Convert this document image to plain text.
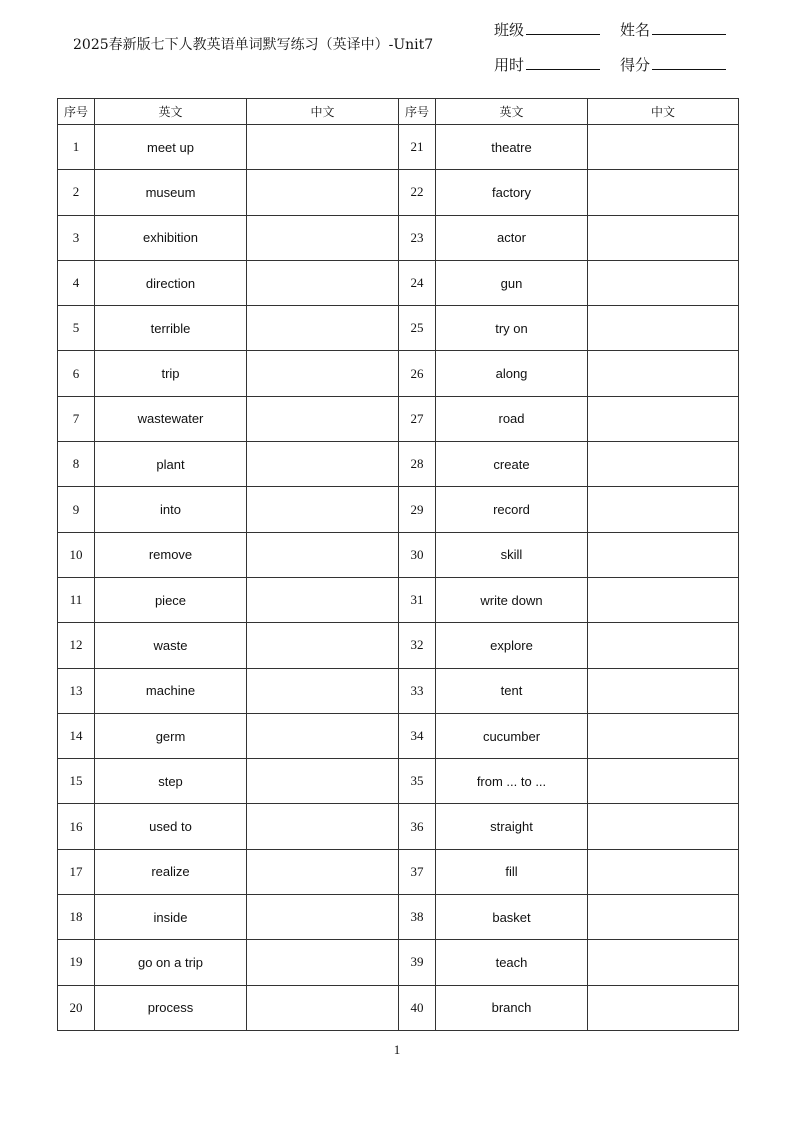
2025春新版七下人教英语单词默写练习（英译中）-Unit7
班级	姓名
用时	得分
序号	英文	中文	序号	英文	中文
1	meet up		21	theatre	
2	museum		22	factory	
3	exhibition		23	actor	
4	direction		24	gun	
5	terrible		25	try on	
6	trip		26	along	
7	wastewater		27	road	
8	plant		28	create	
9	into		29	record	
10	remove		30	skill	
11	piece		31	write down	
12	waste		32	explore	
13	machine		33	tent	
14	germ		34	cucumber	
15	step		35	from ... to ...	
16	used to		36	straight	
17	realize		37	fill	
18	inside		38	basket	
19	go on a trip		39	teach	
20	process		40	branch	
1
